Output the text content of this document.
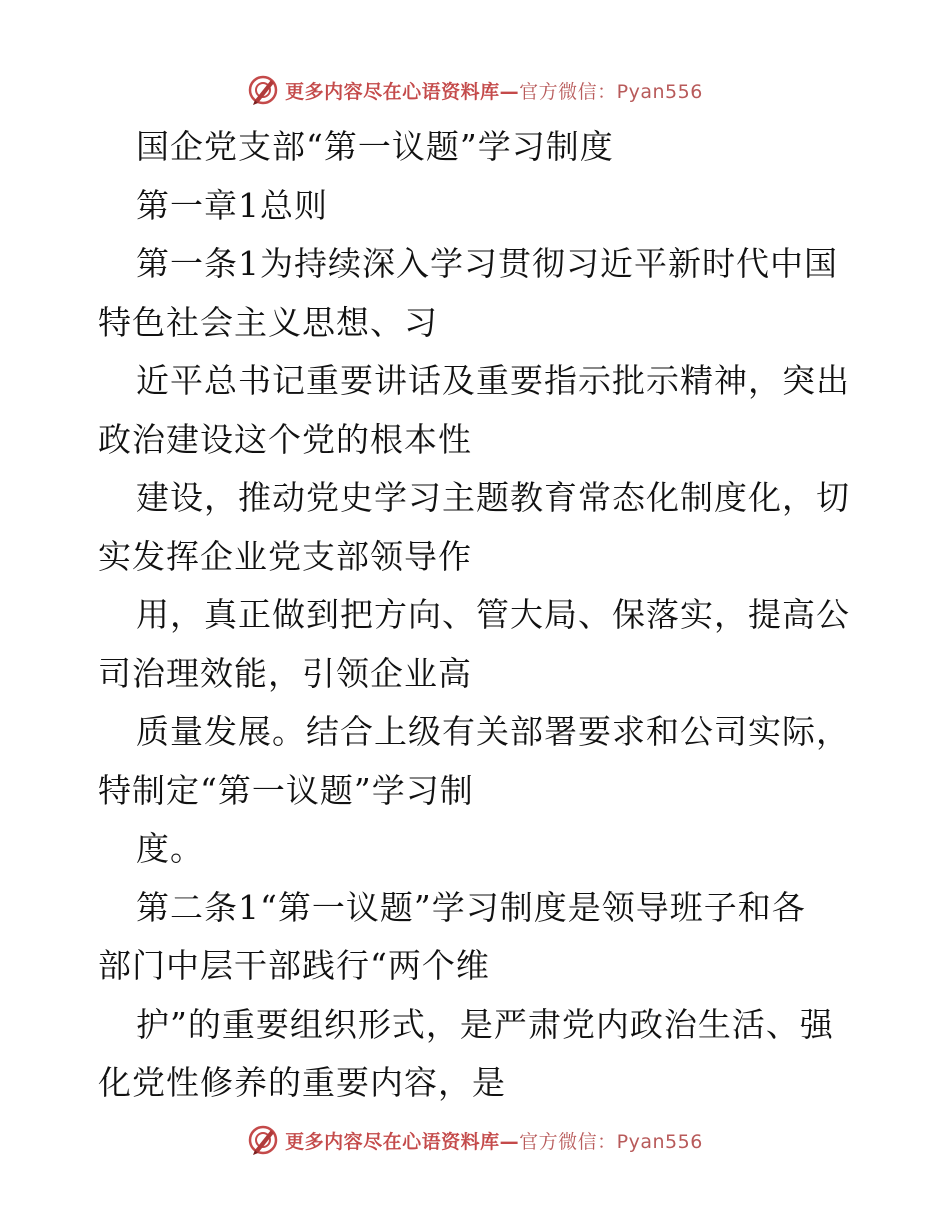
更多内容尽在心语资料库—官方微信：Pyan556
国企党支部“第一议题”学习制度
第一章1总则
第一条1为持续深入学习贯彻习近平新时代中国
特色社会主义思想、习
近平总书记重要讲话及重要指示批示精神，突出
政治建设这个党的根本性
建设，推动党史学习主题教育常态化制度化，切
实发挥企业党支部领导作
用，真正做到把方向、管大局、保落实，提高公
司治理效能，引领企业高
质量发展。结合上级有关部署要求和公司实际，
特制定“第一议题”学习制
度。
第二条1“第一议题”学习制度是领导班子和各
部门中层干部践行“两个维
护”的重要组织形式，是严肃党内政治生活、强
化党性修养的重要内容，是
更多内容尽在心语资料库—官方微信：Pyan556
